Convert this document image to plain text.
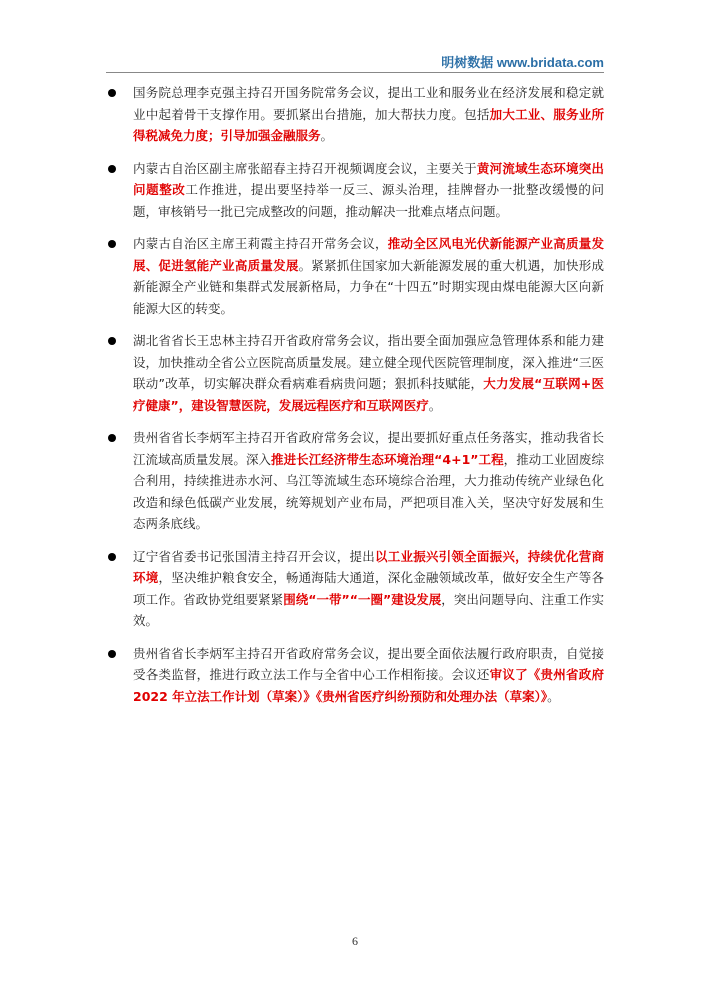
明树数据 www.bridata.com
国务院总理李克强主持召开国务院常务会议，提出工业和服务业在经济发展和稳定就业中起着骨干支撑作用。要抓紧出台措施，加大帮扶力度。包括加大工业、服务业所得税减免力度；引导加强金融服务。
内蒙古自治区副主席张韶春主持召开视频调度会议，主要关于黄河流域生态环境突出问题整改工作推进，提出要坚持举一反三、源头治理，挂牌督办一批整改缓慢的问题，审核销号一批已完成整改的问题，推动解决一批难点堵点问题。
内蒙古自治区主席王莉霞主持召开常务会议，推动全区风电光伏新能源产业高质量发展、促进氢能产业高质量发展。紧紧抓住国家加大新能源发展的重大机遇，加快形成新能源全产业链和集群式发展新格局，力争在“十四五”时期实现由煤电能源大区向新能源大区的转变。
湖北省省长王忠林主持召开省政府常务会议，指出要全面加强应急管理体系和能力建设，加快推动全省公立医院高质量发展。建立健全现代医院管理制度，深入推进“三医联动”改革，切实解决群众看病难看病贵问题；狠抓科技赋能，大力发展“互联网+医疗健康”，建设智慧医院，发展远程医疗和互联网医疗。
贵州省省长李炳军主持召开省政府常务会议，提出要抓好重点任务落实，推动我省长江流域高质量发展。深入推进长江经济带生态环境治理“4+1”工程，推动工业固废综合利用，持续推进赤水河、乌江等流域生态环境综合治理，大力推动传统产业绿色化改造和绿色低碳产业发展，统筹规划产业布局，严把项目准入关，坚决守好发展和生态两条底线。
辽宁省省委书记张国清主持召开会议，提出以工业振兴引领全面振兴，持续优化营商环境，坚决维护粮食安全，畅通海陆大通道，深化金融领域改革，做好安全生产等各项工作。省政协党组要紧紧围绕“一带”“一圈”建设发展，突出问题导向、注重工作实效。
贵州省省长李炳军主持召开省政府常务会议，提出要全面依法履行政府职责，自觉接受各类监督，推进行政立法工作与全省中心工作相衔接。会议还审议了《贵州省政府2022 年立法工作计划（草案）》《贵州省医疗纠纷预防和处理办法（草案）》。
6
